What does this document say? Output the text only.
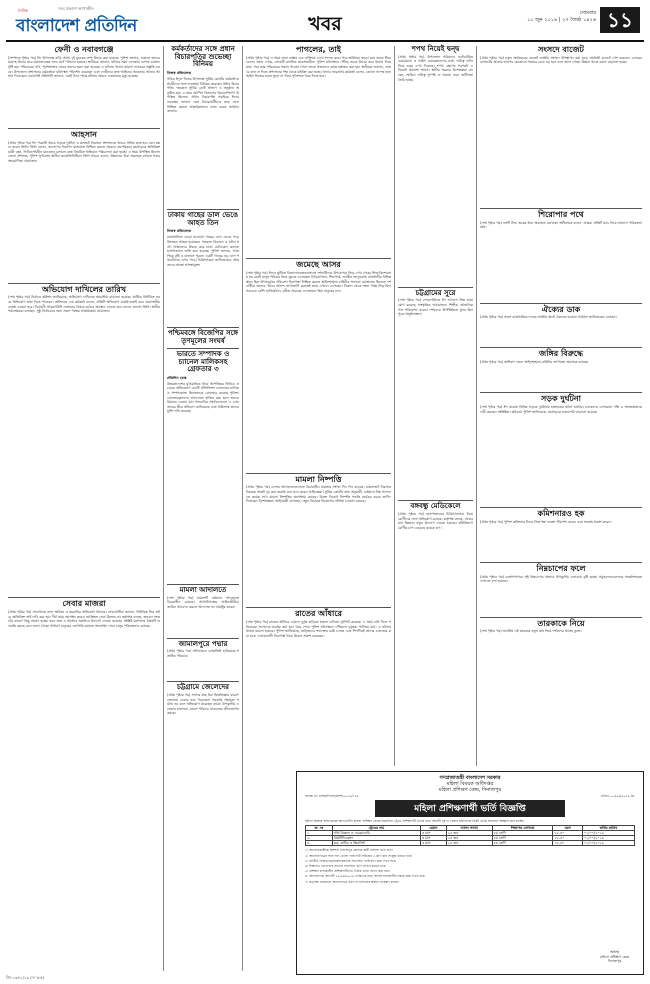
দৈনিক
বাংলাদেশ প্রতিদিন
সত্য প্রকাশে আপসহীন
খবর	সোমবার
১০ জুন ২০১৯ | ২৭ জ্যৈষ্ঠ ১৪২৬ ১১
ফেনী ও নবাবগঞ্জে
(সম্পাদক পৃষ্ঠার পর) ঈদ উপলক্ষে বাড়ি আসা দুই যুবকের লাশ উদ্ধার করা হয়েছে। পুলিশ জানায়, সকালে তাদের মরদেহ উদ্ধার করে ময়নাতদন্তের জন্য মর্গে পাঠানো হয়েছে। স্থানীয়রা জানান, ঘটনার সময় এলাকায় ব্যাপক চাঞ্চল্য সৃষ্টি হয়। পরিবারের দাবি, পূর্বশত্রুতার জেরে তাদের হত্যা করা হয়েছে। এ ঘটনায় থানায় মামলা দায়েরের প্রস্তুতি চলছে। উপজেলা প্রশাসনের কর্মকর্তারা ঘটনাস্থল পরিদর্শন করেছেন এবং দোষীদের দ্রুত আইনের আওতায় আনার আশ্বাস দিয়েছেন। নবাবগঞ্জ প্রতিনিধি জানান, একই দিনে পৃথক ঘটনায় আরও একজনের মৃত্যু হয়েছে।
আহসান
(প্রথম পৃষ্ঠার পর) ঈদ পরবর্তী সময়ে সড়কে দুর্ঘটনা ও যানজট নিরসনে প্রশাসনকে আরও সক্রিয় হতে হবে বলে মন্তব্য করেন তিনি। তিনি বলেন, জনগণের নিরাপদ যাতায়াত নিশ্চিত করতে সরকার বদ্ধপরিকর। মহাসড়কে অতিরিক্ত যাত্রী বহন, ফিটনেসবিহীন যানবাহন চলাচল বন্ধে নিয়মিত অভিযান পরিচালনা করা হচ্ছে। এ সময় উপস্থিত ছিলেন জেলা প্রশাসক, পুলিশ সুপারসহ স্থানীয় জনপ্রতিনিধিরা। তিনি আরও বলেন, উন্নয়নের ধারা অব্যাহত রাখতে সবার সহযোগিতা প্রয়োজন।
অভিযোগ দাখিলের তারিখ
(শেষ পৃষ্ঠার পর) নির্বাচন কমিশন জানিয়েছে, অভিযোগ দাখিলের সময়সীমা বাড়ানো হয়েছে। প্রার্থীরা নির্ধারিত ফরমে অভিযোগ জমা দিতে পারবেন। কমিশনের এক কর্মকর্তা বলেন, প্রতিটি অভিযোগ যাচাই-বাছাই করে প্রয়োজনীয় ব্যবস্থা নেওয়া হবে। নির্বাচনী আচরণবিধি লঙ্ঘনের বিষয়ে কঠোর অবস্থান নেওয়া হবে বলেও জানান তিনি। স্থানীয় পর্যবেক্ষকরা বলছেন, সুষ্ঠু নির্বাচনের জন্য সকল পক্ষের আন্তরিকতা প্রয়োজন।
সেবার মাজরা
(প্রথম পৃষ্ঠার পর) সেবাখাতে নানা অনিয়ম ও হয়রানির অভিযোগ উঠেছে। সেবাপ্রার্থীরা জানান, নির্ধারিত ফির বাইরে অতিরিক্ত অর্থ দাবি করা হয়। দীর্ঘ সময় অপেক্ষা করেও কাঙ্ক্ষিত সেবা মিলছে না। কর্তৃপক্ষ বলছে, জনবল সংকটের কারণে কিছু সমস্যা হচ্ছে। তবে দ্রুত এ সমস্যার সমাধানে উদ্যোগ নেওয়া হয়েছে। সংশ্লিষ্ট মন্ত্রণালয় বিষয়টি তদারকি করছে বলে জানা গেছে। সাধারণ মানুষের ভোগান্তি কমাতে অনলাইন সেবা চালুর পরিকল্পনাও রয়েছে।
কর্মকর্তাদের সঙ্গে প্রধান বিচারপতির শুভেচ্ছা বিনিময়
নিজস্ব প্রতিবেদক
পবিত্র ঈদুল ফিতর উপলক্ষে সুপ্রিম কোর্টের কর্মকর্তা-কর্মচারীদের সঙ্গে শুভেচ্ছা বিনিময় করেছেন প্রধান বিচারপতি। গতকাল সুপ্রিম কোর্ট প্রাঙ্গণে এ অনুষ্ঠান অনুষ্ঠিত হয়। এ সময় আপিল বিভাগের বিচারপতিগণ উপস্থিত ছিলেন। প্রধান বিচারপতি সবাইকে ঈদের শুভেচ্ছা জানান এবং বিচারপ্রার্থীদের দ্রুত সেবা নিশ্চিত করতে আন্তরিকভাবে কাজ করার আহ্বান জানান।
ঢাকায় গাছের ডাল ভেঙে আহত তিন
নিজস্ব প্রতিবেদক
রাজধানীতে ঝড়ো হাওয়ায় গাছের ডাল ভেঙে পড়ে তিনজন আহত হয়েছেন। গতকাল বিকালে এ ঘটনা ঘটে। আহতদের উদ্ধার করে ঢাকা মেডিকেল কলেজ হাসপাতালে ভর্তি করা হয়েছে। পুলিশ জানায়, আকস্মিক বৃষ্টি ও বাতাসে পুরনো একটি গাছের বড় ডাল পথচারীদের ওপর পড়ে। চিকিৎসকরা জানিয়েছেন, আহতদের অবস্থা আশঙ্কামুক্ত।
পশ্চিমবঙ্গে বিজেপির সঙ্গে তৃণমূলের সংঘর্ষ
ভারতে সম্পাদক ও চ্যানেল মালিকসহ গ্রেফতার ৩
প্রতিদিন ডেস্ক
উত্তরপ্রদেশের মুখ্যমন্ত্রীকে নিয়ে আপত্তিকর ভিডিও প্রচারের অভিযোগে একটি টেলিভিশন চ্যানেলের মালিক ও সম্পাদকসহ তিনজনকে গ্রেফতার করেছে পুলিশ। গ্রেফতারকৃতদের আদালতে হাজির করা হলে তাদের রিমান্ডে নেওয়া হয়। সাংবাদিক সংগঠনগুলো এ গ্রেফতারের তীব্র প্রতিবাদ জানিয়েছে এবং অবিলম্বে তাদের মুক্তি দাবি করেছে।
মামলা আদালতে
(শেষ পৃষ্ঠার পর) মামলাটি বর্তমানে আদালতে বিচারাধীন রয়েছে। আসামিপক্ষের আইনজীবীরা জামিন আবেদন করলে আদালত তা নামঞ্জুর করেন।
জামালপুরে পদ্মার
(প্রথম পৃষ্ঠার পর) নদীভাঙনে বসতভিটা হারিয়েছে শতাধিক পরিবার।
চট্টগ্রামে জেলেদের
(প্রথম পৃষ্ঠার পর) সাগরে মাছ ধরা নিষেধাজ্ঞার কারণে জেলেরা বেকার হয়ে পড়েছেন। সরকারি সহায়তা পর্যাপ্ত নয় বলে অভিযোগ করেছেন তারা। উপকূলীয় এলাকার হাজারো জেলে পরিবার মানবেতর জীবনযাপন করছে।
পাগলের, তাই
(প্রথম পৃষ্ঠার পর) এ সময় তারা রাস্তায় এক ব্যক্তিকে দেখে সন্দেহ করে। পরে স্থানীয়রা জড়ো হয়ে তাকে ঘিরে ফেলে। জানা গেছে, লোকটি মানসিক ভারসাম্যহীন। পুলিশ ঘটনাস্থলে পৌঁছে তাকে উদ্ধার করে থানায় নিয়ে যায়। পরে তার পরিবারের সন্ধান পাওয়া গেলে তাকে স্বজনদের কাছে হস্তান্তর করা হয়। স্থানীয়রা জানান, গুজবে কান না দিতে প্রশাসনের পক্ষ থেকে মাইকিং করা হচ্ছে। থানার ভারপ্রাপ্ত কর্মকর্তা বলেন, কোনো সন্দেহ হলে আইন নিজের হাতে তুলে না নিয়ে পুলিশকে খবর দিতে হবে।
জমেছে আসর
(শেষ পৃষ্ঠার পর) ঈদের ছুটিতে বিনোদনকেন্দ্রগুলোতে দর্শনার্থীদের উপচেপড়া ভিড় দেখা গেছে। শিশু-কিশোরসহ সব বয়সী মানুষ পরিবার নিয়ে ঘুরতে এসেছেন। চিড়িয়াখানা, শিশুপার্ক, জাতীয় জাদুঘরসহ রাজধানীর বিভিন্ন স্থানে ছিল উৎসবমুখর পরিবেশ। নিরাপত্তা নিশ্চিত করতে আইনশৃঙ্খলা বাহিনীর সদস্যরা মোতায়েন ছিলেন। দর্শনার্থীরা জানান, ঈদের আনন্দ ভাগাভাগি করতেই তারা এখানে এসেছেন। বিকাল থেকে সন্ধ্যা পর্যন্ত ভিড় ছিল সবচেয়ে বেশি। হাতিরঝিল, রবীন্দ্র সরোবর এলাকায়ও ছিল মানুষের ঢল।
মামলা নিষ্পত্তি
(প্রথম পৃষ্ঠার পর) দেশের আদালতগুলোতে বিচারাধীন মামলার সংখ্যা দিন দিন বাড়ছে। মামলাজট নিরসনে বিচারক সংকট দূর করা জরুরি বলে মনে করেন আইনজ্ঞরা। সুপ্রিম কোর্টের তথ্য অনুযায়ী, বর্তমানে নিম্ন আদালতে কয়েক লাখ মামলা নিষ্পত্তির অপেক্ষায় রয়েছে। বিকল্প বিরোধ নিষ্পত্তি পদ্ধতি কার্যকর করার তাগিদ দিয়েছেন বিশেষজ্ঞরা। আইনমন্ত্রী বলেছেন, নতুন বিচারক নিয়োগের প্রক্রিয়া চলমান রয়েছে।
রাতের আঁধারে
(শেষ পৃষ্ঠার পর) রাতের আঁধারে একদল দুর্বৃত্ত বাড়িতে হামলা চালিয়ে লুটপাট করেছে। এ সময় বাধা দিলে পরিবারের সদস্যদের মারধর করা হয়। খবর পেয়ে পুলিশ ঘটনাস্থলে পৌঁছালে দুর্বৃত্তরা পালিয়ে যায়। এ ঘটনায় থানায় মামলা হয়েছে। পুলিশ জানিয়েছে, জড়িতদের শনাক্তের চেষ্টা চলছে এবং শিগগিরই তাদের গ্রেফতার করা হবে। এলাকাবাসী নিরাপত্তা নিয়ে উদ্বেগ প্রকাশ করেছেন।
শপথ নিয়েই দ্বন্দ্ব
(প্রথম পৃষ্ঠার পর) উপজেলা পরিষদের নবনির্বাচিত চেয়ারম্যান ও ভাইস চেয়ারম্যানদের মধ্যে দায়িত্ব বণ্টন নিয়ে দ্বন্দ্ব দেখা দিয়েছে। শপথ গ্রহণের পরপরই এ বিরোধ প্রকাশ্যে আসে। স্থানীয় সরকার বিশেষজ্ঞরা বলছেন, আইনে দায়িত্ব সুস্পষ্ট না থাকায় এমন জটিলতা তৈরি হচ্ছে।
চট্টগ্রামের সুরে
(শেষ পৃষ্ঠার পর) বন্দরনগরীতে ঈদ আনন্দে ভিন্ন মাত্রা যোগ করেছে সাংস্কৃতিক আয়োজন। শিল্পীরা আঞ্চলিক গান পরিবেশন করেন। দর্শকদের উপস্থিতিতে মুখর ছিল পুরো অনুষ্ঠানস্থল।
বঙ্গবন্ধু মেডিকেলে
(প্রথম পৃষ্ঠার পর) হাসপাতালের চিকিৎসাসেবা নিয়ে রোগীদের নানা অভিযোগ রয়েছে। কর্তৃপক্ষ বলছে, সেবার মান উন্নয়নে নতুন উদ্যোগ নেওয়া হয়েছে। বহির্বিভাগে রোগীর চাপ বেড়েছে কয়েক গুণ।
সংসদে বাজেট
(প্রথম পৃষ্ঠার পর) নতুন অর্থবছরের বাজেট জাতীয় সংসদে উপস্থাপন করা হবে। অর্থমন্ত্রী বাজেট পেশ করবেন। এবারের বাজেটের আকার আগের যেকোনো সময়ের চেয়ে বড় হবে বলে জানা গেছে। উন্নয়ন খাতে বরাদ্দ বাড়ানো হচ্ছে।
শিরোপার পথে
(শেষ পৃষ্ঠার পর) দলটি টানা জয়ের ধারা অব্যাহত রেখেছে। অধিনায়ক বলেন, আমরা প্রতিটি ম্যাচ নিয়ে আলাদা পরিকল্পনা করি।
ঐক্যের ডাক
(প্রথম পৃষ্ঠার পর) সকল রাজনৈতিক দলকে জাতীয় স্বার্থে ঐক্যবদ্ধ হওয়ার আহ্বান জানিয়েছেন নেতারা।
জঙ্গির বিরুদ্ধে
(প্রথম পৃষ্ঠার পর) জঙ্গিবাদ দমনে আইনশৃঙ্খলা বাহিনীর তৎপরতা অব্যাহত রয়েছে।
সড়ক দুর্ঘটনা
(শেষ পৃষ্ঠার পর) ঈদ যাত্রায় বিভিন্ন সড়কে দুর্ঘটনায় হতাহতের ঘটনা ঘটেছে। চালকদের বেপরোয়া গতি ও অসতর্কতাকে দায়ী করছেন সংশ্লিষ্টরা। হাইওয়ে পুলিশ জানিয়েছে, মহাসড়কে নজরদারি বাড়ানো হয়েছে।
কমিশনারও হক
(প্রথম পৃষ্ঠার পর) পুলিশ কমিশনার ঈদের নিরাপত্তা ব্যবস্থা পরিদর্শন করেন এবং সন্তোষ প্রকাশ করেন।
নিম্নচাপের ফলে
(প্রথম পৃষ্ঠার পর) বঙ্গোপসাগরে সৃষ্ট নিম্নচাপের প্রভাবে উপকূলীয় এলাকায় বৃষ্টি হচ্ছে। সমুদ্রবন্দরগুলোকে সতর্কসংকেত দেখাতে বলা হয়েছে।
তারকাকে নিয়ে
(শেষ পৃষ্ঠার পর) জনপ্রিয় এই তারকার নতুন ছবি নিয়ে দর্শকদের আগ্রহ তুঙ্গে।
গণপ্রজাতন্ত্রী বাংলাদেশ সরকার
মহিলা বিষয়ক অধিদপ্তর
মহিলা প্রশিক্ষণ কেন্দ্র, দিনাজপুর
স্মারক নং- মবিঅ/দিনাজ/প্রশি/২০১৯/২২৬	তারিখ: ০৫/০৬/২০১৯ খ্রি.
মহিলা প্রশিক্ষণার্থী ভর্তি বিজ্ঞপ্তি
মহিলা বিষয়ক অধিদপ্তরের আওতাধীন মহিলা প্রশিক্ষণ কেন্দ্রে নিম্নবর্ণিত ট্রেডে প্রশিক্ষণার্থী ভর্তির জন্য আগ্রহী দুস্থ ও বেকার মহিলাদের নিকট থেকে আবেদন আহ্বান করা যাচ্ছে।
ক্র. নং	ট্রেডের নাম	মেয়াদ	আসন সংখ্যা	শিক্ষাগত যোগ্যতা	বয়স	ভর্তির তারিখ
১	দর্জি বিজ্ঞান ও এমব্রয়ডারি	৩ মাস	২৫ জন	৮ম শ্রেণি	১৮-৪০	০১/০৭/২০১৯
২	বিউটিফিকেশন	৩ মাস	২৫ জন	৮ম শ্রেণি	১৮-৪০	০১/০৭/২০১৯
৩	ব্লক, বাটিক ও স্ক্রিনপ্রিন্ট	৩ মাস	২৫ জন	৮ম শ্রেণি	১৮-৪০	০১/০৭/২০১৯
১। আবেদনকারীকে অবশ্যই দিনাজপুর জেলার স্থায়ী বাসিন্দা হতে হবে।
২। আবেদনপত্রের সঙ্গে সদ্য তোলা পাসপোর্ট সাইজের ২ কপি ছবি সংযুক্ত করতে হবে।
৩। জাতীয় পরিচয়পত্র/জন্মনিবন্ধনের সত্যায়িত ফটোকপি জমা দিতে হবে।
৪। শিক্ষাগত যোগ্যতার সনদের সত্যায়িত কপি দাখিল করতে হবে।
৫। প্রশিক্ষণ চলাকালীন প্রশিক্ষণার্থীদের দৈনিক ভাতা প্রদান করা হবে।
৬। আবেদনপত্র আগামী ২৫/০৬/২০১৯ তারিখের মধ্যে অফিস চলাকালীন সময়ে জমা দিতে হবে।
৭। কর্তৃপক্ষ যেকোনো আবেদনপত্র গ্রহণ বা বাতিলের ক্ষমতা সংরক্ষণ করেন।
অধ্যক্ষ
মহিলা প্রশিক্ষণ কেন্দ্র
দিনাজপুর
জি-১৩৪১/১৯ (৭''×৫)
